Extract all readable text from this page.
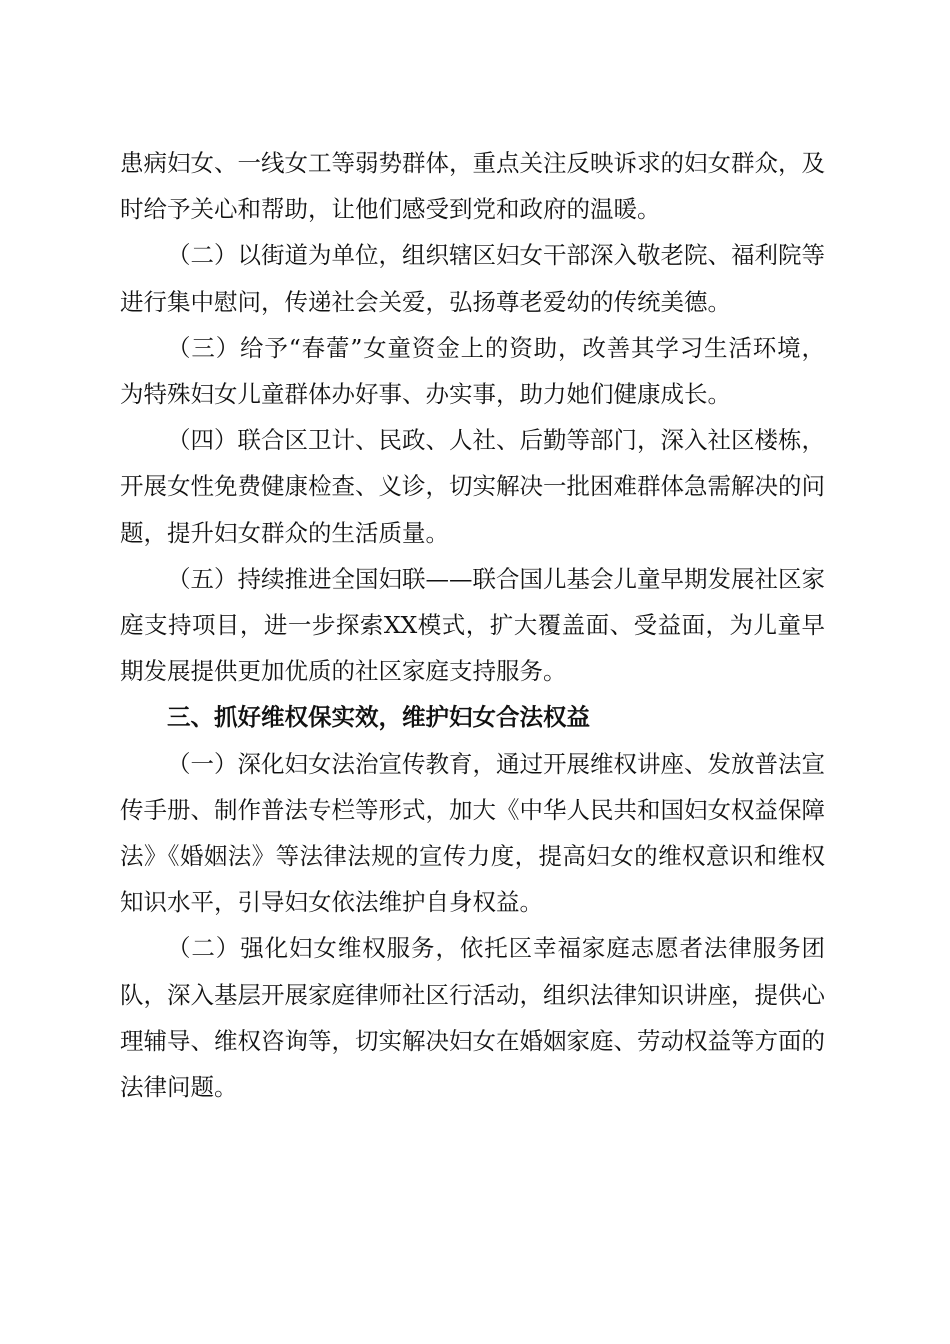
患病妇女、一线女工等弱势群体，重点关注反映诉求的妇女群众，及时给予关心和帮助，让他们感受到党和政府的温暖。

（二）以街道为单位，组织辖区妇女干部深入敬老院、福利院等进行集中慰问，传递社会关爱，弘扬尊老爱幼的传统美德。

（三）给予“春蕾”女童资金上的资助，改善其学习生活环境，为特殊妇女儿童群体办好事、办实事，助力她们健康成长。

（四）联合区卫计、民政、人社、后勤等部门，深入社区楼栋，开展女性免费健康检查、义诊，切实解决一批困难群体急需解决的问题，提升妇女群众的生活质量。

（五）持续推进全国妇联——联合国儿基会儿童早期发展社区家庭支持项目，进一步探索XX模式，扩大覆盖面、受益面，为儿童早期发展提供更加优质的社区家庭支持服务。

三、抓好维权保实效，维护妇女合法权益

（一）深化妇女法治宣传教育，通过开展维权讲座、发放普法宣传手册、制作普法专栏等形式，加大《中华人民共和国妇女权益保障法》《婚姻法》等法律法规的宣传力度，提高妇女的维权意识和维权知识水平，引导妇女依法维护自身权益。

（二）强化妇女维权服务，依托区幸福家庭志愿者法律服务团队，深入基层开展家庭律师社区行活动，组织法律知识讲座，提供心理辅导、维权咨询等，切实解决妇女在婚姻家庭、劳动权益等方面的法律问题。
